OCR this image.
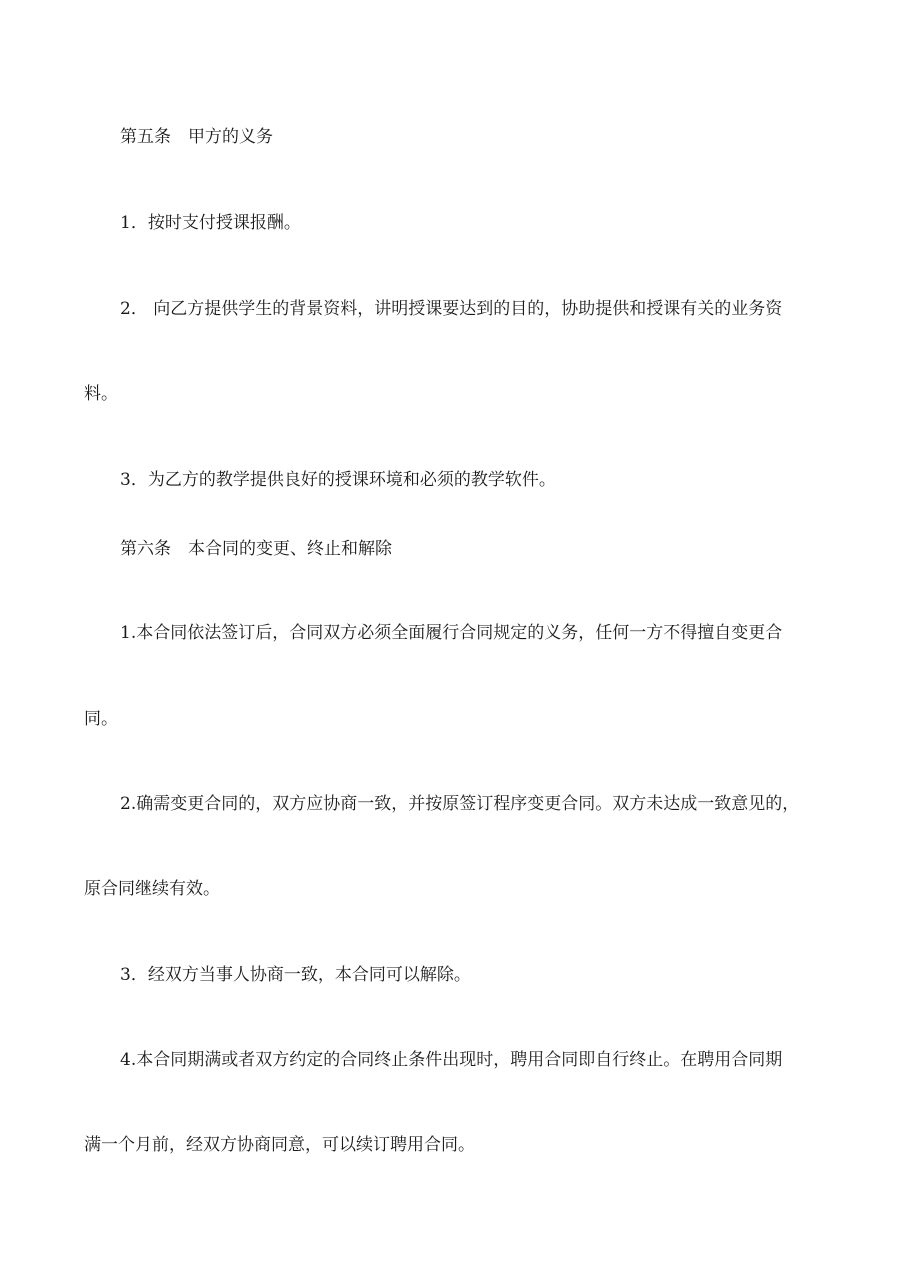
第五条　甲方的义务
1．按时支付授课报酬。
2． 向乙方提供学生的背景资料，讲明授课要达到的目的，协助提供和授课有关的业务资
料。
3．为乙方的教学提供良好的授课环境和必须的教学软件。
第六条　本合同的变更、终止和解除
1.本合同依法签订后，合同双方必须全面履行合同规定的义务，任何一方不得擅自变更合
同。
2.确需变更合同的，双方应协商一致，并按原签订程序变更合同。双方未达成一致意见的，
原合同继续有效。
3．经双方当事人协商一致，本合同可以解除。
4.本合同期满或者双方约定的合同终止条件出现时，聘用合同即自行终止。在聘用合同期
满一个月前，经双方协商同意，可以续订聘用合同。
